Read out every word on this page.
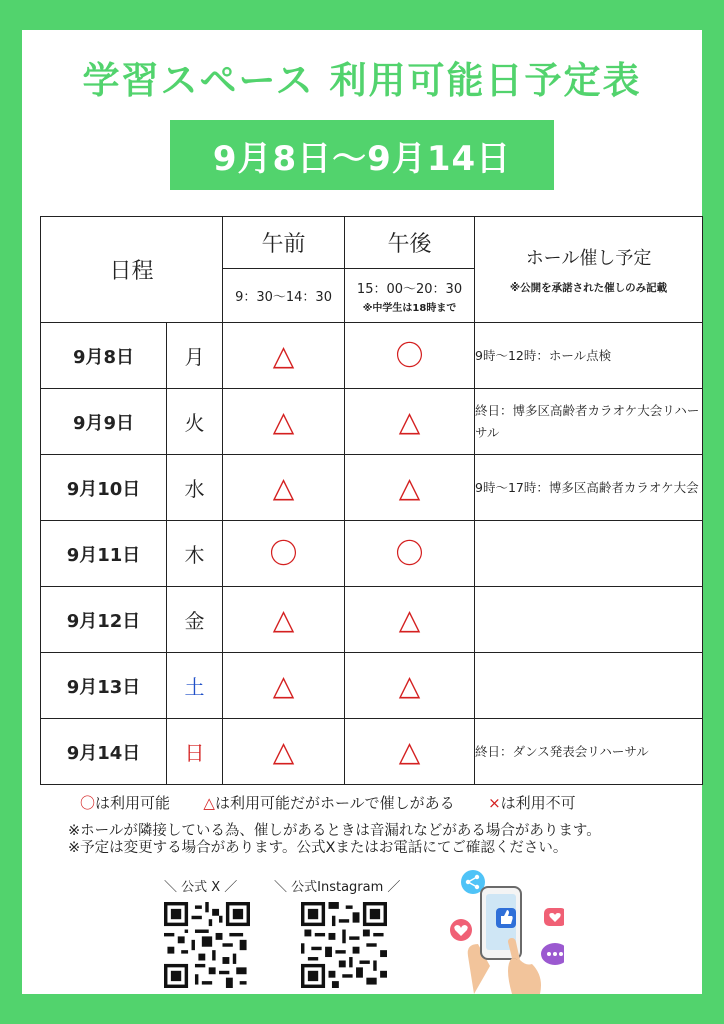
学習スペース 利用可能日予定表
9月8日～9月14日
日程		午前	午後	ホール催し予定
※公開を承諾された催しのみ記載

		9：30～14：30	15：00～20：30
※中学生は18時まで	

9月8日	月	△	〇	9時～12時：ホール点検
9月9日	火	△	△	終日：博多区高齢者カラオケ大会リハーサル
9月10日	水	△	△	9時～17時：博多区高齢者カラオケ大会
9月11日	木	〇	〇	
9月12日	金	△	△	
9月13日	土	△	△	
9月14日	日	△	△	終日：ダンス発表会リハーサル
〇は利用可能 △は利用可能だがホールで催しがある ×は利用不可
※ホールが隣接している為、催しがあるときは音漏れなどがある場合があります。
※予定は変更する場合があります。公式Xまたはお電話にてご確認ください。
＼ 公式 X ／	＼ 公式Instagram ／
